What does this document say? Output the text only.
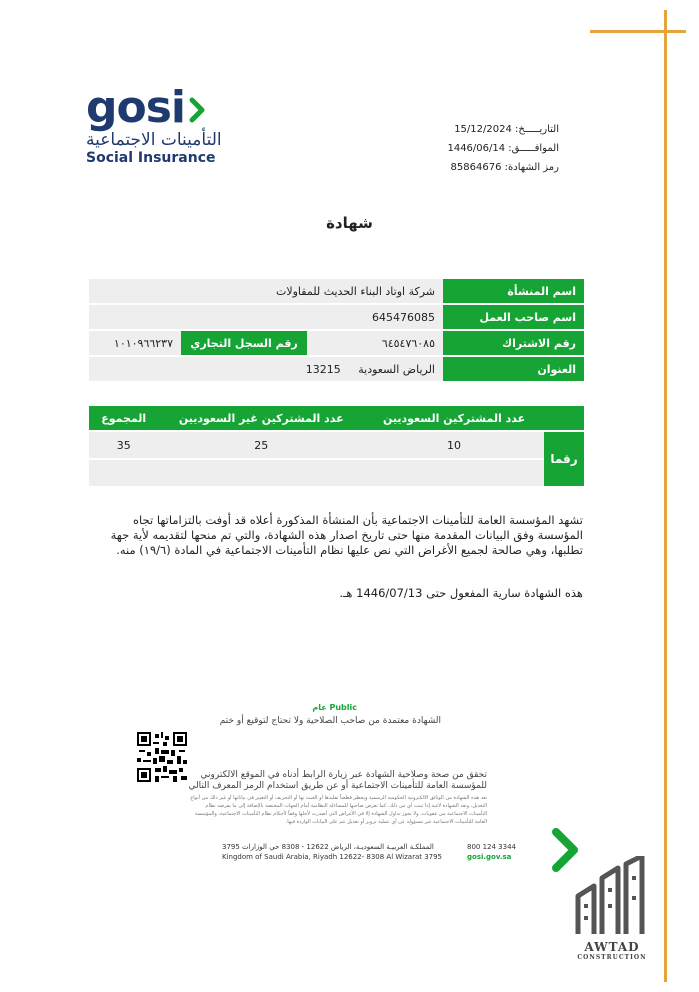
gosi
التأمينات الاجتماعية
Social Insurance
التاريـــــخ: 15/12/2024
الموافـــــق: 1446/06/14
رمز الشهادة: 85864676
شهادة
اسم المنشأة	شركة اوتاد البناء الحديث للمقاولات		
اسم صاحب العمل	645476085		
رقم الاشتراك	٦٤٥٤٧٦٠٨٥	رقم السجل التجاري	١٠١٠٩٦٦٢٣٧
العنوان	الرياض السعودية     13215		
	عدد المشتركين السعوديين	عدد المشتركين غير السعوديين	المجموع
رقما	10	25	35

تشهد المؤسسة العامة للتأمينات الاجتماعية بأن المنشأة المذكورة أعلاه قد أوفت بالتزاماتها تجاه المؤسسة وفق البيانات المقدمة منها حتى تاريخ اصدار هذه الشهادة، والتي تم منحها لتقديمه لأية جهة تطلبها، وهي صالحة لجميع الأغراض التي نص عليها نظام التأمينات الاجتماعية في المادة (١٩/٦) منه.
هذه الشهادة سارية المفعول حتى 1446/07/13 هـ.
Public عام
الشهادة معتمدة من صاحب الصلاحية ولا تحتاج لتوقيع أو ختم
تحقق من صحة وصلاحية الشهادة عبر زيارة الرابط أدناه في الموقع الالكتروني للمؤسسة العامة للتأمينات الاجتماعية أو عن طريق استخدام الرمز المعرف التالي
تعد هذه الشهادة من الوثائق الالكترونية الحكومية الرسمية ويحظر قطعياً تقليدها أو العبث بها أو التحريف أو التغيير في بياناتها أو غير ذلك من أنواع التعديل، وتعد الشهادة لاغية إذا ثبتت أي من ذلك. كما تعرض صاحبها للمساءلة النظامية أمام الجهات المختصة بالإضافة إلى ما يفرضه نظام التأمينات الاجتماعية من عقوبات، ولا يجوز تداول الشهادة إلا في الأغراض التي أصدرت لأجلها وفقاً لأحكام نظام التأمينات الاجتماعية، والمؤسسة العامة للتأمينات الاجتماعية غير مسؤولة عن أي عملية تزوير أو تعديل تتم على البيانات الواردة فيها.
المملكـة العربيـة السعوديـة، الرياض 12622 - 8308 حي الوزارات 3795
Kingdom of Saudi Arabia, Riyadh 12622- 8308 Al Wizarat 3795
800 124 3344
gosi.gov.sa
AWTAD
CONSTRUCTION
